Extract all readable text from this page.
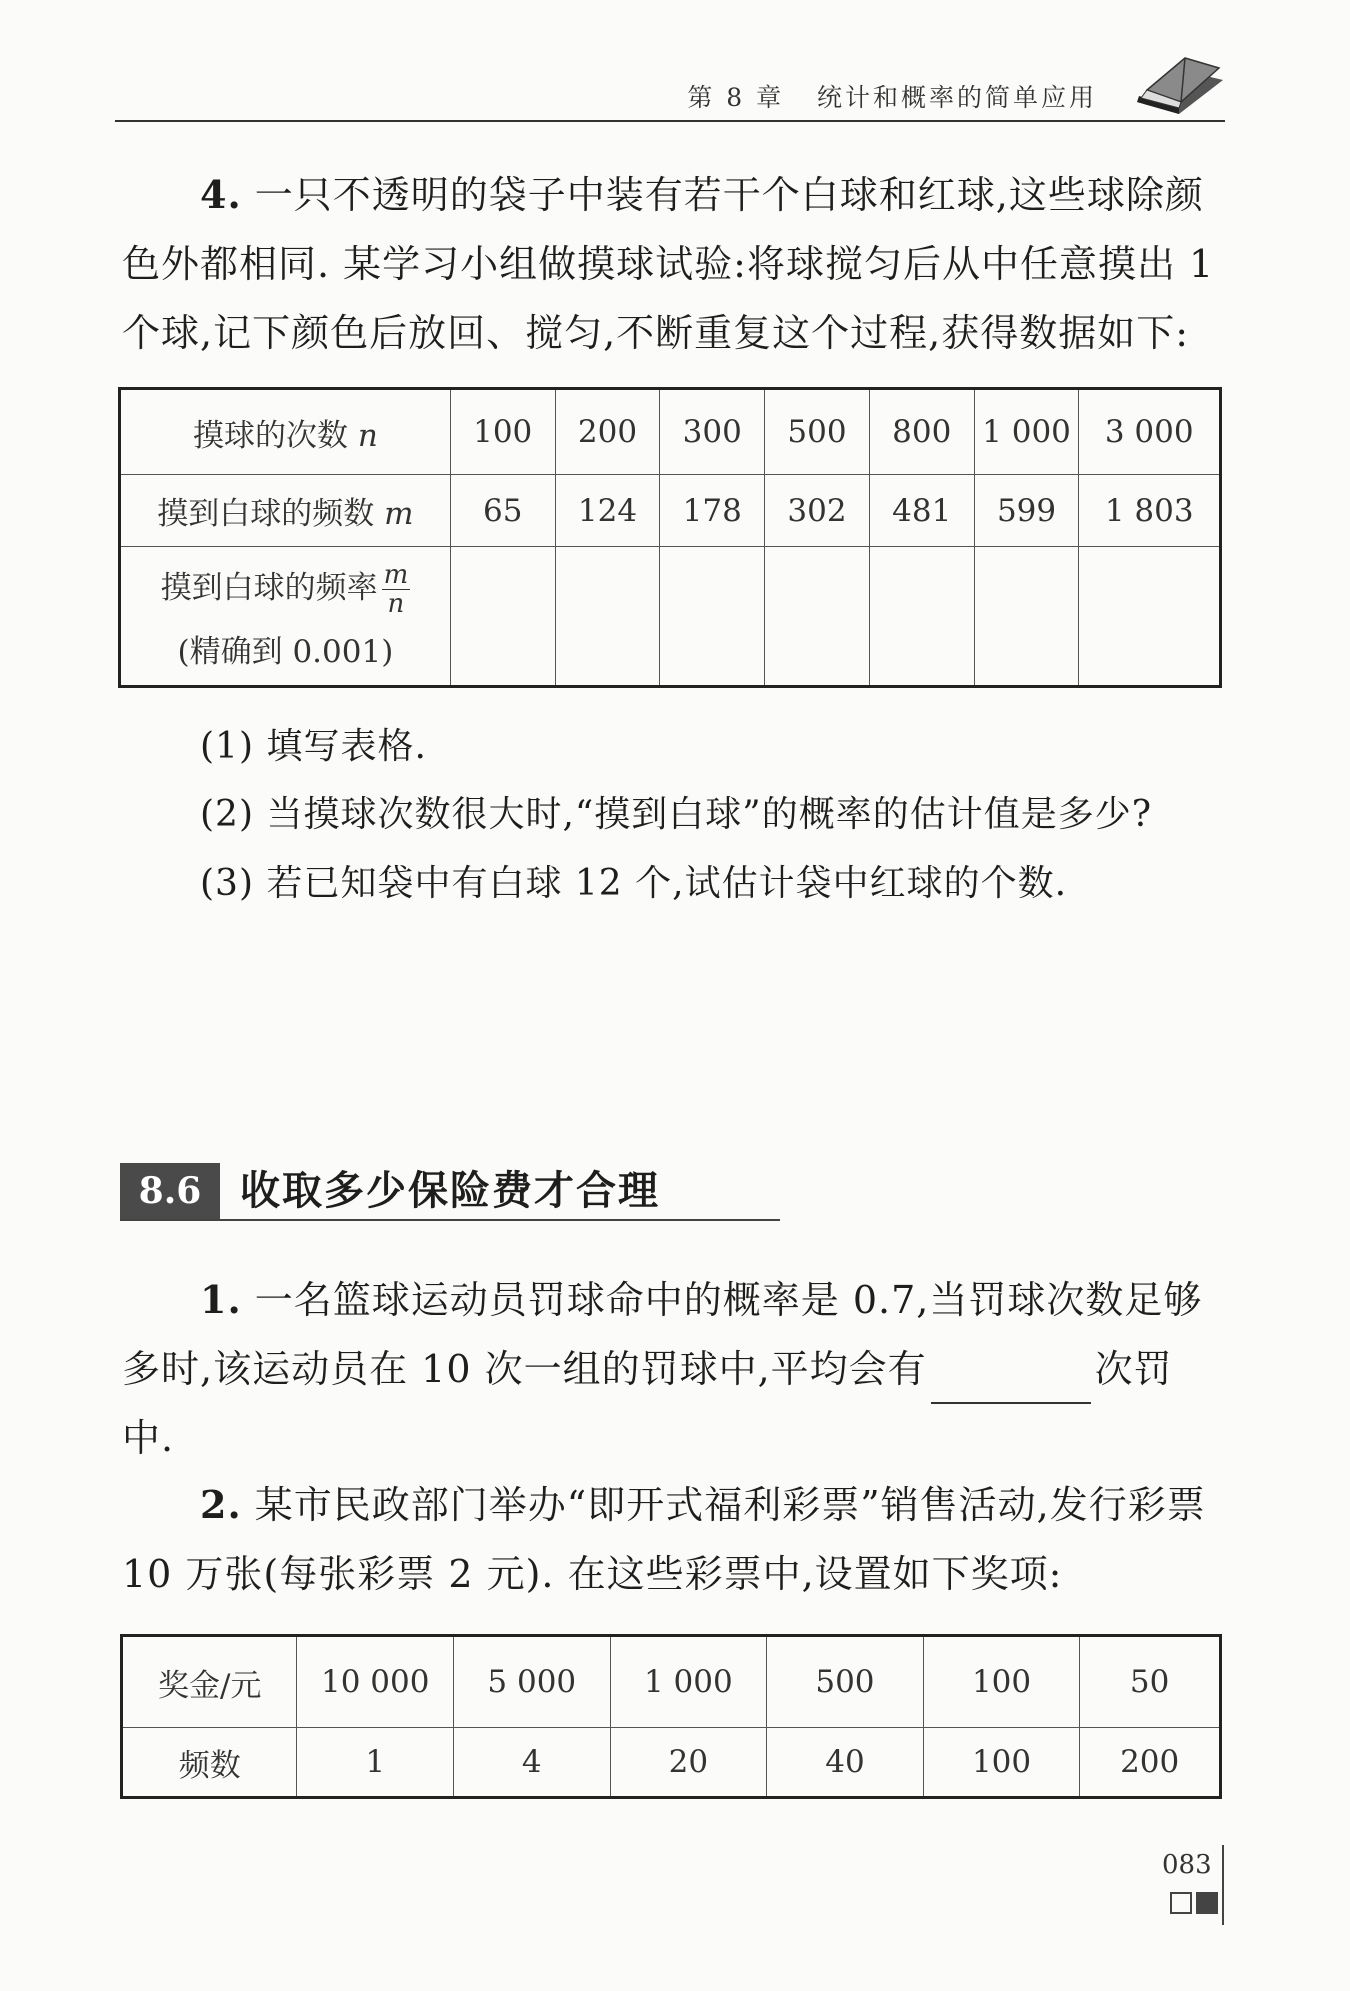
第 8 章 统计和概率的简单应用
4. 一只不透明的袋子中装有若干个白球和红球,这些球除颜色外都相同. 某学习小组做摸球试验:将球搅匀后从中任意摸出 1 个球,记下颜色后放回、搅匀,不断重复这个过程,获得数据如下:
摸球的次数 n	100	200	300	500	800	1 000	3 000
摸到白球的频数 m	65	124	178	302	481	599	1 803

摸到白球的频率 $\frac{m}{n}$
(精确到 0.001)							

(1) 填写表格.
(2) 当摸球次数很大时,“摸到白球”的概率的估计值是多少?
(3) 若已知袋中有白球 12 个,试估计袋中红球的个数.
8.6 收取多少保险费才合理
1. 一名篮球运动员罚球命中的概率是 0.7,当罚球次数足够多时,该运动员在 10 次一组的罚球中,平均会有	次罚中.
2. 某市民政部门举办“即开式福利彩票”销售活动,发行彩票 10 万张(每张彩票 2 元). 在这些彩票中,设置如下奖项:
奖金/元	10 000	5 000	1 000	500	100	50
频数	1	4	20	40	100	200
083
